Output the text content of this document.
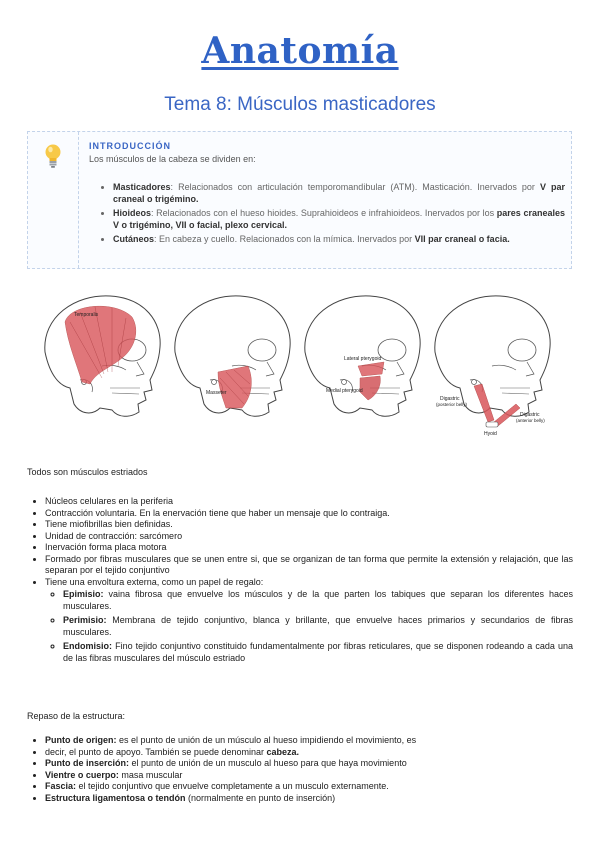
Anatomía
Tema 8: Músculos masticadores
INTRODUCCIÓN

Los músculos de la cabeza se dividen en:

• Masticadores: Relacionados con articulación temporomandibular (ATM). Masticación. Inervados por V par craneal o trigémino.
• Hioideos: Relacionados con el hueso hioides. Suprahioideos e infrahioideos. Inervados por los pares craneales V o trigémino, VII o facial, plexo cervical.
• Cutáneos: En cabeza y cuello. Relacionados con la mímica. Inervados por VII par craneal o facia.
Temporalis
Masseter
Lateral pterygoid
Medial pterygoid
Digastric
(posterior belly)
Digastric
(anterior belly)
Hyoid
Todos son músculos estriados
• Núcleos celulares en la periferia
• Contracción voluntaria. En la enervación tiene que haber un mensaje que lo contraiga.
• Tiene miofibrillas bien definidas.
• Unidad de contracción: sarcómero
• Inervación forma placa motora
• Formado por fibras musculares que se unen entre si, que se organizan de tan forma que permite la extensión y relajación, que las separan por el tejido conjuntivo
• Tiene una envoltura externa, como un papel de regalo:
◦ Epimisio: vaina fibrosa que envuelve los músculos y de la que parten los tabiques que separan los diferentes haces musculares.
◦ Perimisio: Membrana de tejido conjuntivo, blanca y brillante, que envuelve haces primarios y secundarios de fibras musculares.
◦ Endomisio: Fino tejido conjuntivo constituido fundamentalmente por fibras reticulares, que se disponen rodeando a cada una de las fibras musculares del músculo estriado
Repaso de la estructura:
• Punto de origen: es el punto de unión de un músculo al hueso impidiendo el movimiento, es
• decir, el punto de apoyo. También se puede denominar cabeza.
• Punto de inserción: el punto de unión de un musculo al hueso para que haya movimiento
• Vientre o cuerpo: masa muscular
• Fascia: el tejido conjuntivo que envuelve completamente a un musculo externamente.
• Estructura ligamentosa o tendón (normalmente en punto de inserción)
